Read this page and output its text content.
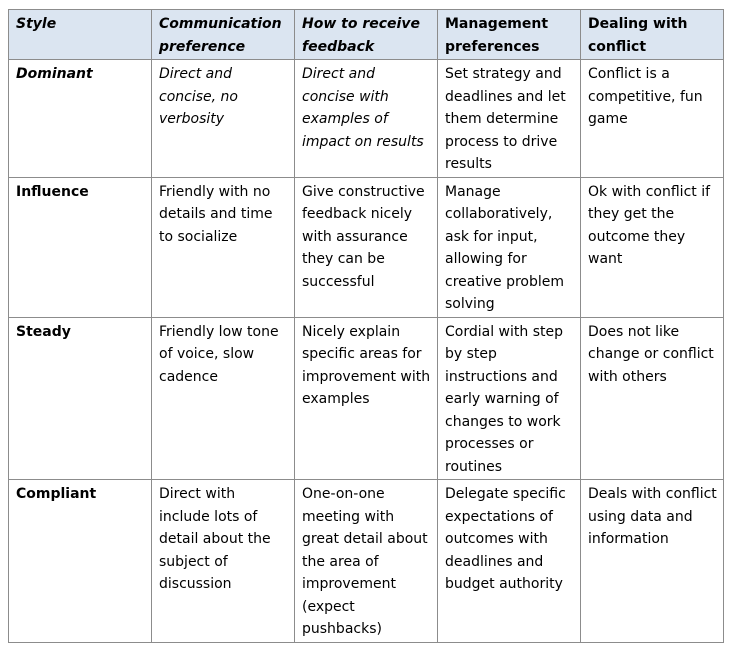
Style	Communication preference	How to receive feedback	Management preferences	Dealing with conflict
Dominant	Direct and concise, no verbosity	Direct and concise with examples of impact on results	Set strategy and deadlines and let them determine process to drive results	Conflict is a competitive, fun game
Influence	Friendly with no details and time to socialize	Give constructive feedback nicely with assurance they can be successful	Manage collaboratively, ask for input, allowing for creative problem solving	Ok with conflict if they get the outcome they want
Steady	Friendly low tone of voice, slow cadence	Nicely explain specific areas for improvement with examples	Cordial with step by step instructions and early warning of changes to work processes or routines	Does not like change or conflict with others
Compliant	Direct with include lots of detail about the subject of discussion	One-on-one meeting with great detail about the area of improvement (expect pushbacks)	Delegate specific expectations of outcomes with deadlines and budget authority	Deals with conflict using data and information
